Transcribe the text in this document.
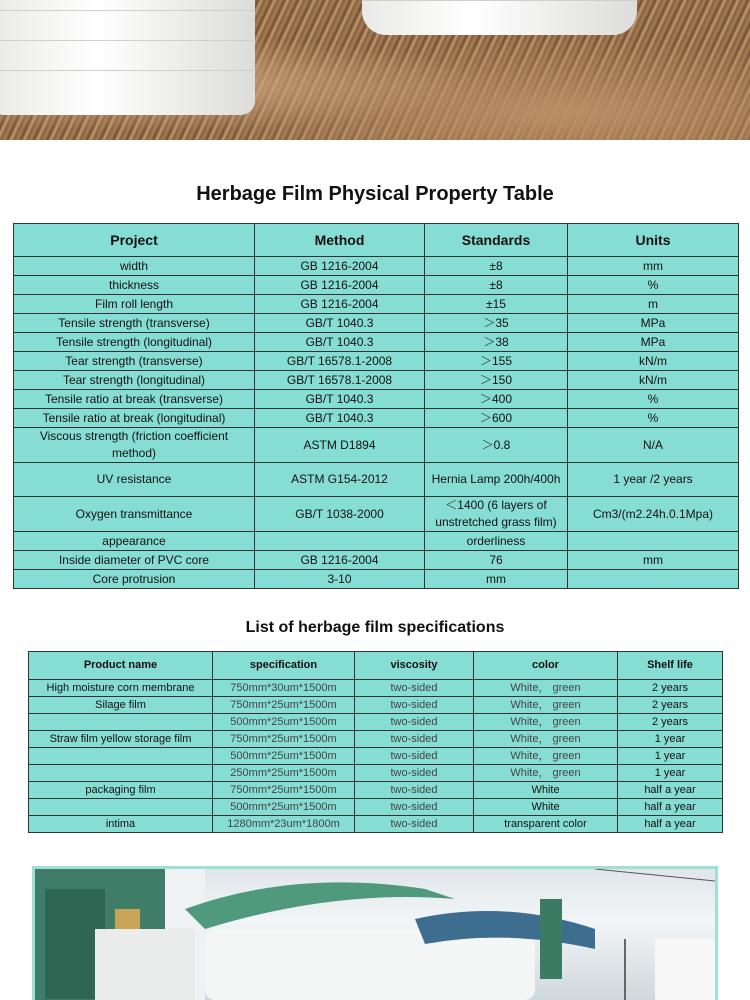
Herbage Film Physical Property Table
Project	Method	Standards	Units
width	GB 1216-2004	±8	mm
thickness	GB 1216-2004	±8	%
Film roll length	GB 1216-2004	±15	m
Tensile strength (transverse)	GB/T 1040.3	＞35	MPa
Tensile strength (longitudinal)	GB/T 1040.3	＞38	MPa
Tear strength (transverse)	GB/T 16578.1-2008	＞155	kN/m
Tear strength (longitudinal)	GB/T 16578.1-2008	＞150	kN/m
Tensile ratio at break (transverse)	GB/T 1040.3	＞400	%
Tensile ratio at break (longitudinal)	GB/T 1040.3	＞600	%
Viscous strength (friction coefficient method)	ASTM D1894	＞0.8	N/A
UV resistance	ASTM G154-2012	Hernia Lamp 200h/400h	1 year /2 years
Oxygen transmittance	GB/T 1038-2000	＜1400 (6 layers of unstretched grass film)	Cm3/(m2.24h.0.1Mpa)
appearance		orderliness	
Inside diameter of PVC core	GB 1216-2004	76	mm
Core protrusion	3-10	mm	
List of herbage film specifications
Product name	specification	viscosity	color	Shelf life
High moisture corn membrane	750mm*30um*1500m	two-sided	White， green	2 years
Silage film	750mm*25um*1500m	two-sided	White， green	2 years
	500mm*25um*1500m	two-sided	White， green	2 years
Straw film yellow storage film	750mm*25um*1500m	two-sided	White， green	1 year
	500mm*25um*1500m	two-sided	White， green	1 year
	250mm*25um*1500m	two-sided	White， green	1 year
packaging film	750mm*25um*1500m	two-sided	White	half a year
	500mm*25um*1500m	two-sided	White	half a year
intima	1280mm*23um*1800m	two-sided	transparent color	half a year
